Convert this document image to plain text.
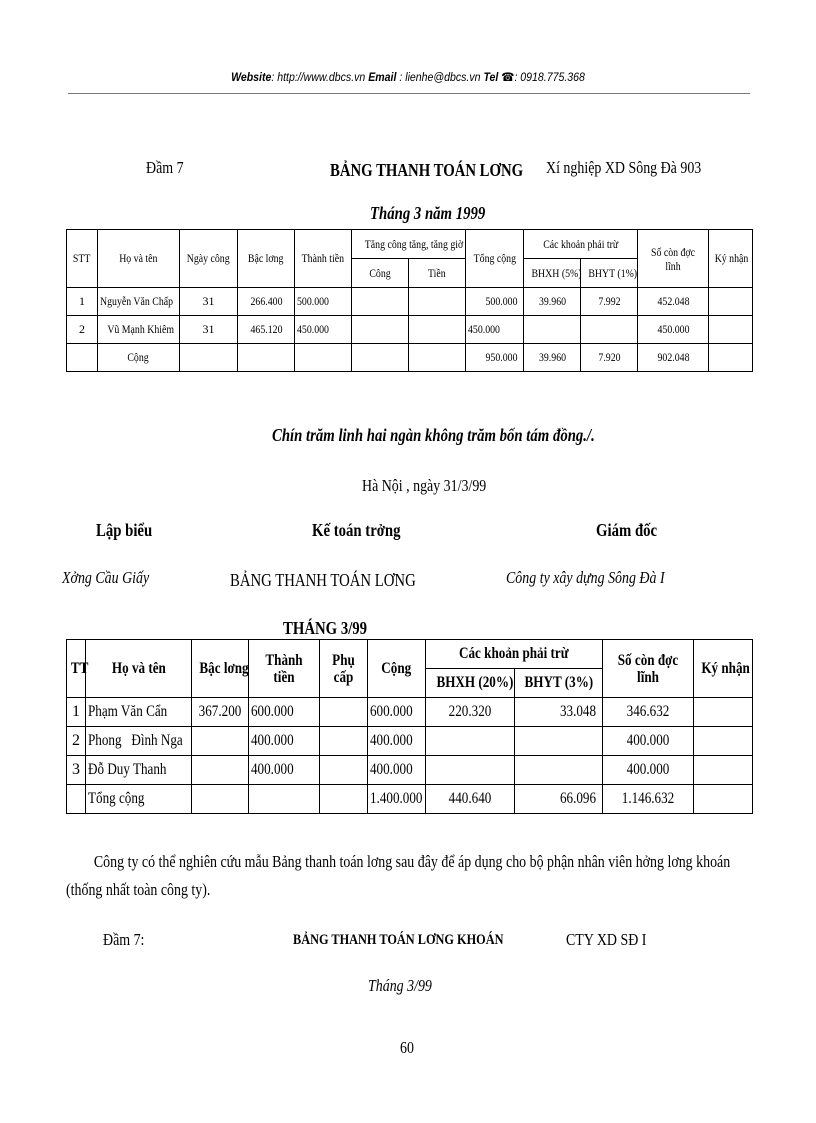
Website: http://www.dbcs.vn Email : lienhe@dbcs.vn Tel ☎: 0918.775.368
Đầm 7	BẢNG THANH TOÁN LƠNG Xí nghiệp XD Sông Đà 903
Tháng 3 năm 1999
STT	Họ và tên	Ngày công	Bậc lơng	Thành tiền	Tăng công tăng, tăng giờ		Tổng cộng	Các khoản phải trừ		Số còn đợc lĩnh	Ký nhận
					Công	Tiền		BHXH (5%)	BHYT (1%)		
1	Nguyễn Văn Chấp	31	266.400	500.000			500.000	39.960	7.992	452.048	
2	Vũ Mạnh Khiêm	31	465.120	450.000			450.000			450.000	
	Cộng						950.000	39.960	7.920	902.048	
Chín trăm linh hai ngàn không trăm bốn tám đồng./.
Hà Nội , ngày 31/3/99
Lập biểu	Kế toán trởng	Giám đốc
Xởng Cầu Giấy	BẢNG THANH TOÁN LƠNG	Công ty xây dựng Sông Đà I
THÁNG 3/99
TT	Họ và tên	Bậc lơng	Thành tiền	Phụ cấp	Cộng	Các khoản phải trừ		Số còn đợc lĩnh	Ký nhận
						BHXH (20%)	BHYT (3%)		
1	Phạm Văn Cẩn	367.200	600.000		600.000	220.320	33.048	346.632	
2	Phong   Đình Nga		400.000		400.000			400.000	
3	Đỗ Duy Thanh		400.000		400.000			400.000	
	Tổng cộng				1.400.000	440.640	66.096	1.146.632	
Công ty có thể nghiên cứu mẫu Bảng thanh toán lơng sau đây để áp dụng cho bộ phận nhân viên hởng lơng khoán (thống nhất toàn công ty).
Đầm 7:	BẢNG THANH TOÁN LƠNG KHOÁN	CTY XD SĐ I
Tháng 3/99
60
